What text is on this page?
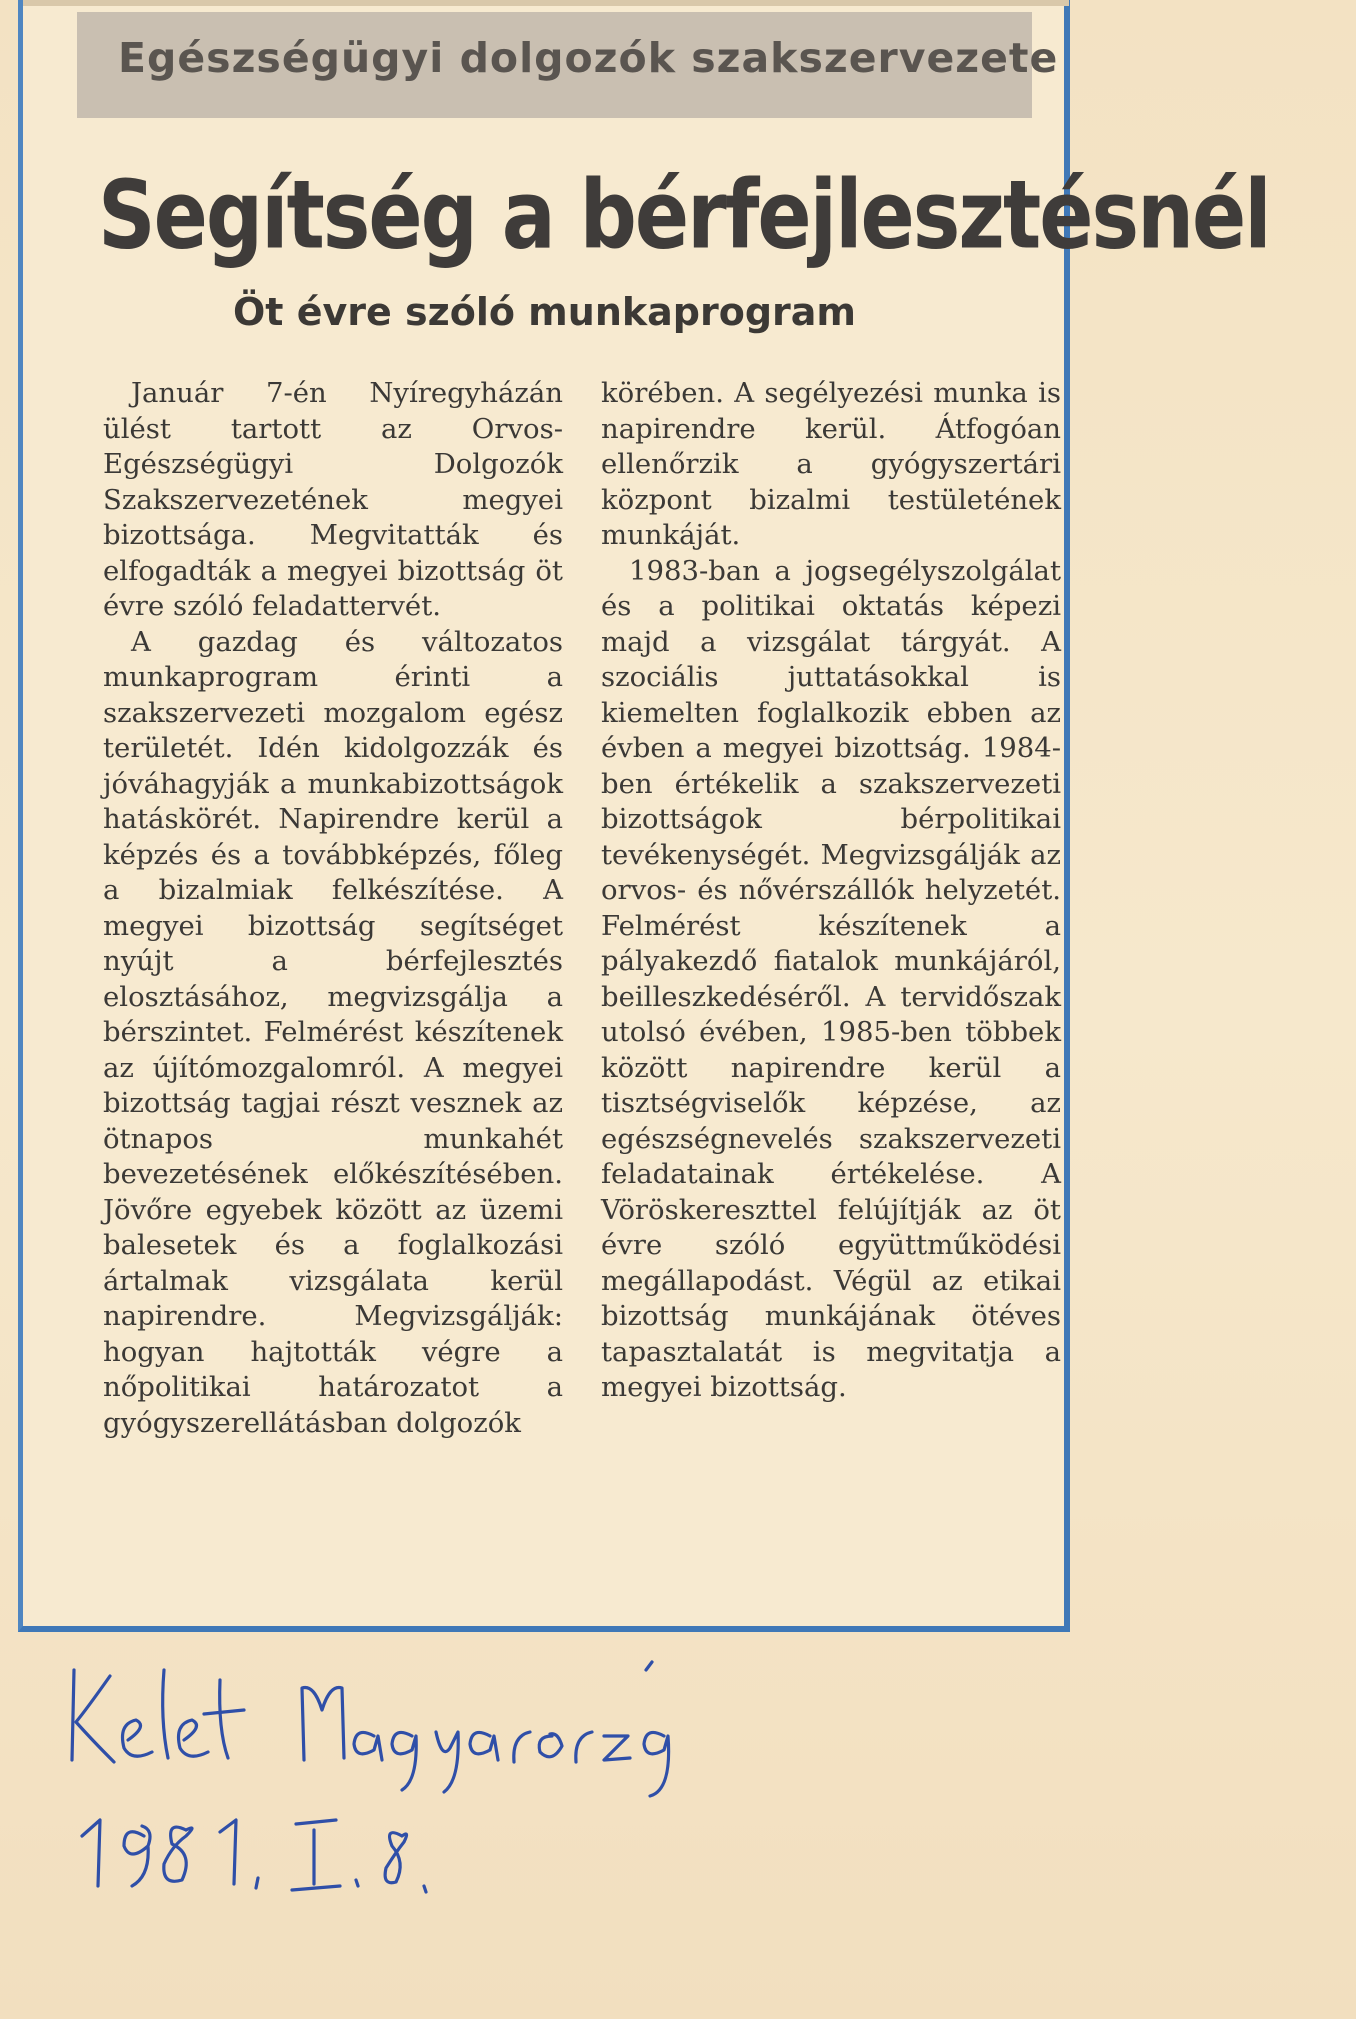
Egészségügyi dolgozók szakszervezete
Segítség a bérfejlesztésnél
Öt évre szóló munkaprogram

Január 7-én Nyíregyházán ülést tartott az Orvos-Egészségügyi Dolgozók Szakszervezetének megyei bizottsága. Megvitatták és elfogadták a megyei bizottság öt évre szóló feladattervét.

A gazdag és változatos munkaprogram érinti a szakszervezeti mozgalom egész területét. Idén kidolgozzák és jóváhagyják a munkabizottságok hatáskörét. Napirendre kerül a képzés és a továbbképzés, főleg a bizalmiak felkészítése. A megyei bizottság segítséget nyújt a bérfejlesztés elosztásához, megvizsgálja a bérszintet. Felmérést készítenek az újítómozgalomról. A megyei bizottság tagjai részt vesznek az ötnapos munkahét bevezetésének előkészítésében. Jövőre egyebek között az üzemi balesetek és a foglalkozási ártalmak vizsgálata kerül napirendre. Megvizsgálják: hogyan hajtották végre a nőpolitikai határozatot a gyógyszerellátásban dolgozók

körében. A segélyezési munka is napirendre kerül. Átfogóan ellenőrzik a gyógyszertári központ bizalmi testületének munkáját.

1983-ban a jogsegélyszolgálat és a politikai oktatás képezi majd a vizsgálat tárgyát. A szociális juttatásokkal is kiemelten foglalkozik ebben az évben a megyei bizottság. 1984-ben értékelik a szakszervezeti bizottságok bérpolitikai tevékenységét. Megvizsgálják az orvos- és nővérszállók helyzetét. Felmérést készítenek a pályakezdő fiatalok munkájáról, beilleszkedéséről. A tervidőszak utolsó évében, 1985-ben többek között napirendre kerül a tisztségviselők képzése, az egészségnevelés szakszervezeti feladatainak értékelése. A Vöröskereszttel felújítják az öt évre szóló együttműködési megállapodást. Végül az etikai bizottság munkájának ötéves tapasztalatát is megvitatja a megyei bizottság.
